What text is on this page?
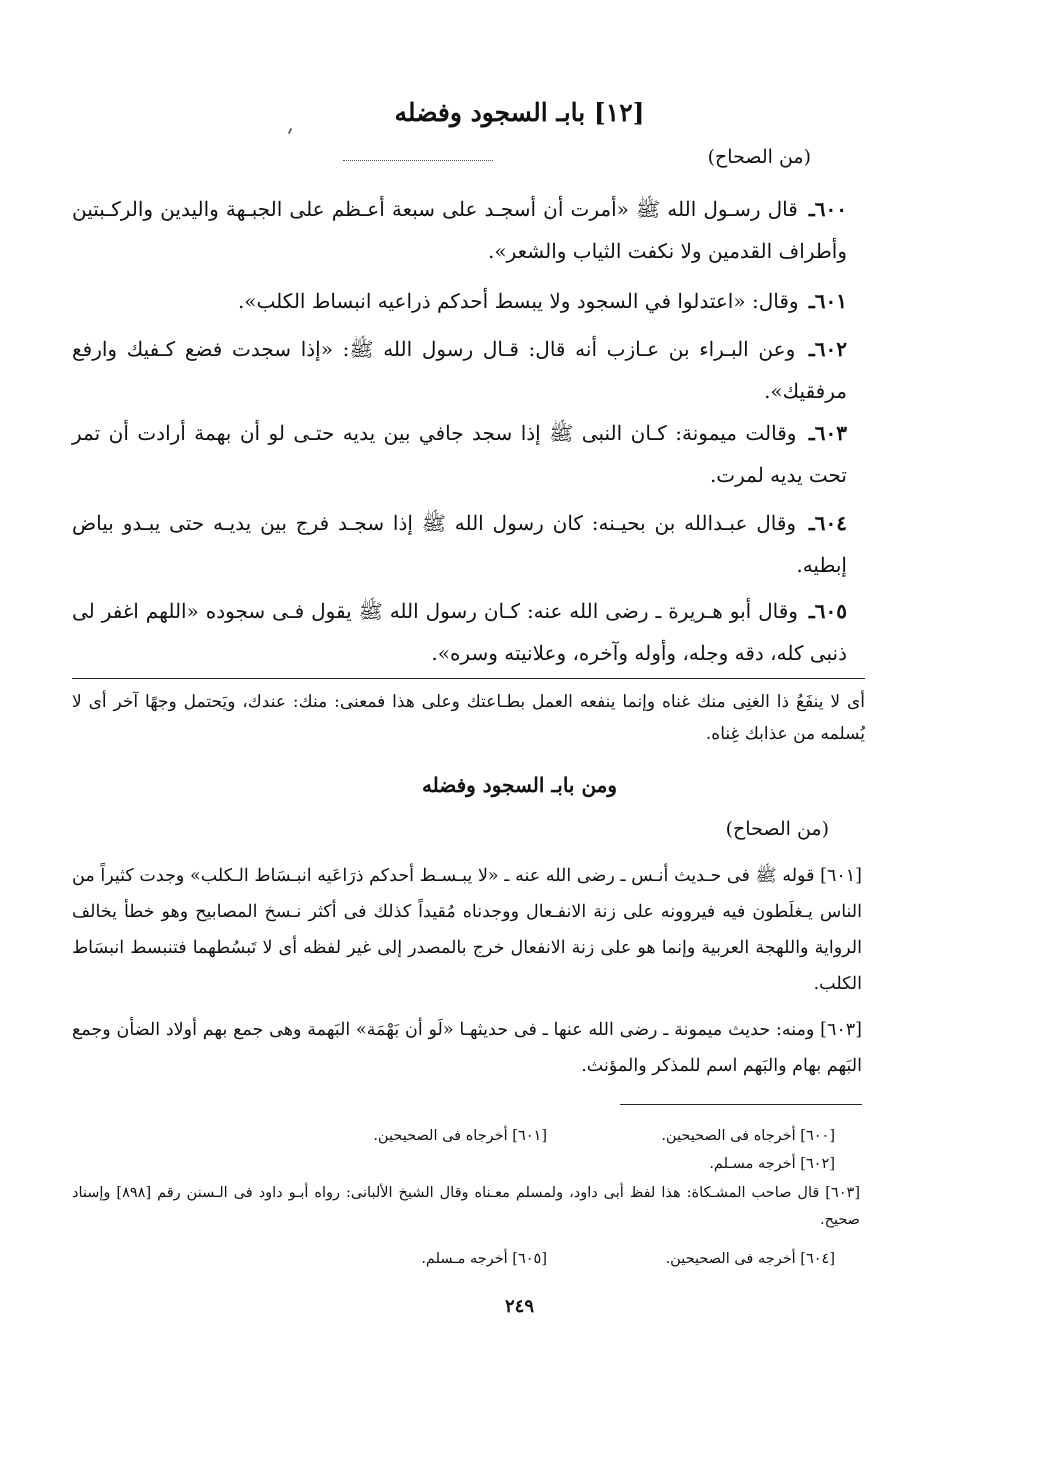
[١٢] بابـ السجود وفضله
(من الصحاح)
٦٠٠ـ قال رسـول الله ﷺ «أمرت أن أسجـد على سبعة أعـظم على الجبـهة واليدين والركـبتين وأطراف القدمين ولا نكفت الثياب والشعر».
٦٠١ـ وقال: «اعتدلوا في السجود ولا يبسط أحدكم ذراعيه انبساط الكلب».
٦٠٢ـ وعن البـراء بن عـازب أنه قال: قـال رسول الله ﷺ: «إذا سجدت فضع كـفيك وارفع مرفقيك».
٦٠٣ـ وقالت ميمونة: كـان النبى ﷺ إذا سجد جافي بين يديه حتـى لو أن بهمة أرادت أن تمر تحت يديه لمرت.
٦٠٤ـ وقال عبـدالله بن بحيـنه: كان رسول الله ﷺ إذا سجـد فرج بين يديـه حتى يبـدو بياض إبطيه.
٦٠٥ـ وقال أبو هـريرة ـ رضى الله عنه: كـان رسول الله ﷺ يقول فـى سجوده «اللهم اغفر لى ذنبى كله، دقه وجله، وأوله وآخره، وعلانيته وسره».
أى لا ينفَعُ ذا الغنِى منك غناه وإنما ينفعه العمل بطـاعتك وعلى هذا فمعنى: منك: عندك، ويَحتمل وجهًا آخر أى لا يُسلمه من عذابك غِناه.
ومن بابـ السجود وفضله
(من الصحاح)
[٦٠١] قوله ﷺ فى حـديث أنـس ـ رضى الله عنه ـ «لا يبـسـط أحدكم ذرَاعَيه انبـسَاط الـكلب» وجدت كثيراً من الناس يـغلَطون فيه فيروونه على زنة الانفـعال ووجدناه مُقيداً كذلك فى أكثر نـسخ المصابيح وهو خطأ يخالف الرواية واللهجة العربية وإنما هو على زنة الانفعال خرج بالمصدر إلى غير لفظه أى لا تَبسُطهما فتنبسط انبسَاط الكلب.
[٦٠٣] ومنه: حديث ميمونة ـ رضى الله عنها ـ فى حديثهـا «لَو أن بَهْمَة» البَهمة وهى جمع بهم أولاد الضأن وجمع البَهم بهام والبَهم اسم للمذكر والمؤنث.
[٦٠٠] أخرجاه فى الصحيحين.
[٦٠١] أخرجاه فى الصحيحين.
[٦٠٢] أخرجه مسـلم.
[٦٠٣] قال صاحب المشـكاة: هذا لفظ أبى داود، ولمسلم معـناه وقال الشيخ الألبانى: رواه أبـو داود فى الـسنن رقم [٨٩٨] وإسناد صحيح.
[٦٠٤] أخرجه فى الصحيحين.
[٦٠٥] أخرجه مـسلم.
٢٤٩
